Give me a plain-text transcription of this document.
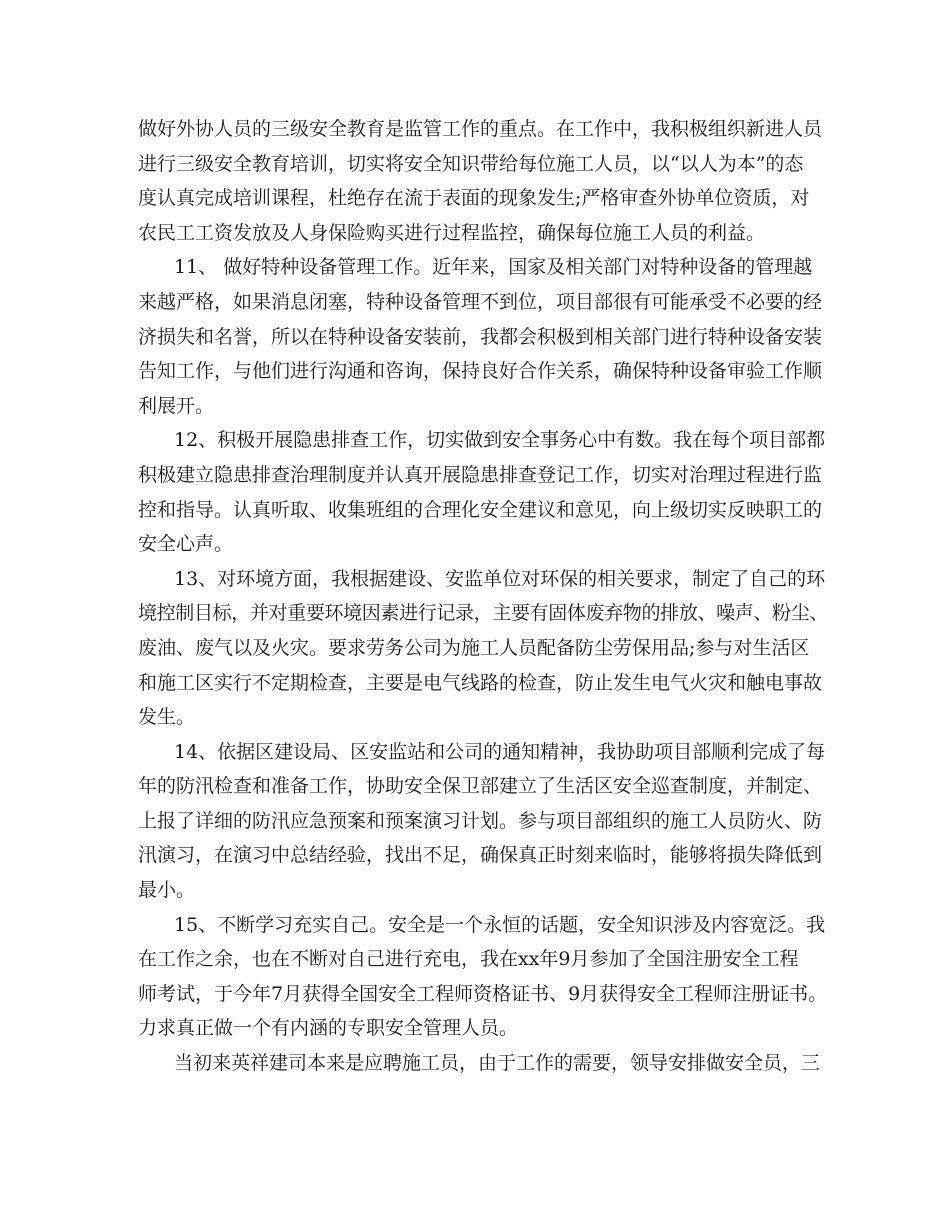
做好外协人员的三级安全教育是监管工作的重点。在工作中，我积极组织新进人员
进行三级安全教育培训，切实将安全知识带给每位施工人员，以“以人为本”的态
度认真完成培训课程，杜绝存在流于表面的现象发生;严格审查外协单位资质，对
农民工工资发放及人身保险购买进行过程监控，确保每位施工人员的利益。
11、 做好特种设备管理工作。近年来，国家及相关部门对特种设备的管理越
来越严格，如果消息闭塞，特种设备管理不到位，项目部很有可能承受不必要的经
济损失和名誉，所以在特种设备安装前，我都会积极到相关部门进行特种设备安装
告知工作，与他们进行沟通和咨询，保持良好合作关系，确保特种设备审验工作顺
利展开。
12、积极开展隐患排查工作，切实做到安全事务心中有数。我在每个项目部都
积极建立隐患排查治理制度并认真开展隐患排查登记工作，切实对治理过程进行监
控和指导。认真听取、收集班组的合理化安全建议和意见，向上级切实反映职工的
安全心声。
13、对环境方面，我根据建设、安监单位对环保的相关要求，制定了自己的环
境控制目标，并对重要环境因素进行记录，主要有固体废弃物的排放、噪声、粉尘、
废油、废气以及火灾。要求劳务公司为施工人员配备防尘劳保用品;参与对生活区
和施工区实行不定期检查，主要是电气线路的检查，防止发生电气火灾和触电事故
发生。
14、依据区建设局、区安监站和公司的通知精神，我协助项目部顺利完成了每
年的防汛检查和准备工作，协助安全保卫部建立了生活区安全巡查制度，并制定、
上报了详细的防汛应急预案和预案演习计划。参与项目部组织的施工人员防火、防
汛演习，在演习中总结经验，找出不足，确保真正时刻来临时，能够将损失降低到
最小。
15、不断学习充实自己。安全是一个永恒的话题，安全知识涉及内容宽泛。我
在工作之余，也在不断对自己进行充电，我在xx年9月参加了全国注册安全工程
师考试，于今年7月获得全国安全工程师资格证书、9月获得安全工程师注册证书。
力求真正做一个有内涵的专职安全管理人员。
当初来英祥建司本来是应聘施工员，由于工作的需要，领导安排做安全员，三
